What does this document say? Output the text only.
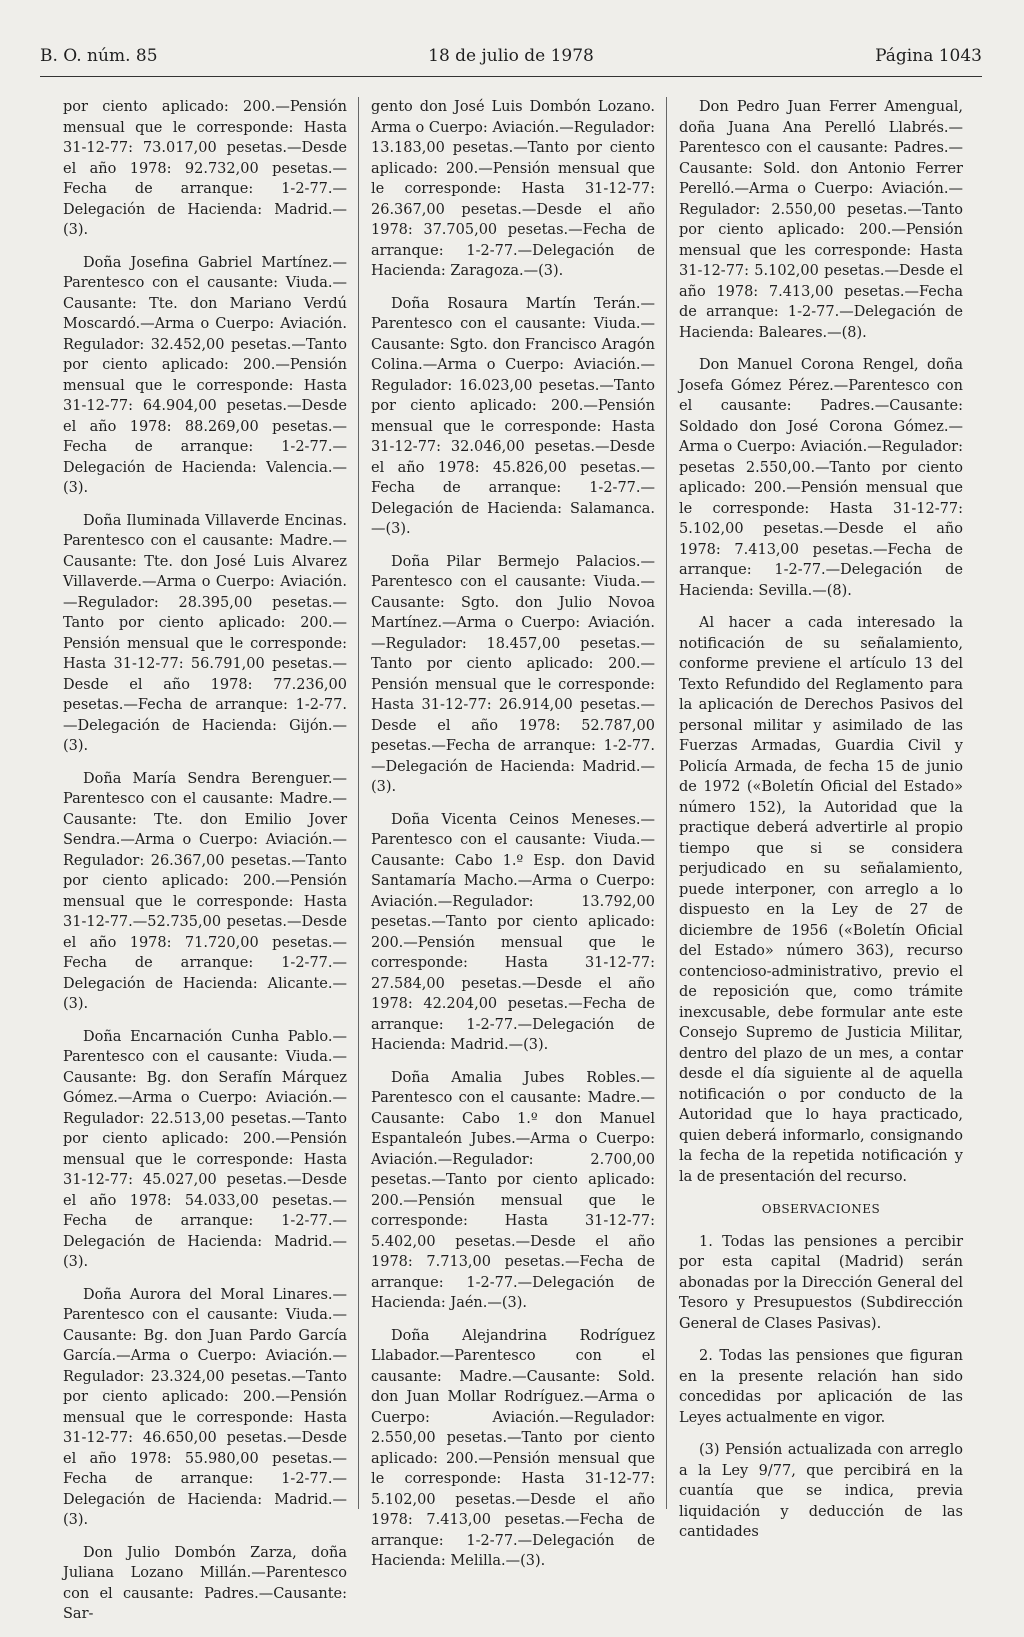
B. O. núm. 85	18 de julio de 1978	Página 1043

por ciento aplicado: 200.—Pensión mensual que le corresponde: Hasta 31-12-77: 73.017,00 pesetas.—Desde el año 1978: 92.732,00 pesetas.—Fecha de arranque: 1-2-77.—Delegación de Hacienda: Madrid.—(3).

Doña Josefina Gabriel Martínez.—Parentesco con el causante: Viuda.—Causante: Tte. don Mariano Verdú Moscardó.—Arma o Cuerpo: Aviación. Regulador: 32.452,00 pesetas.—Tanto por ciento aplicado: 200.—Pensión mensual que le corresponde: Hasta 31-12-77: 64.904,00 pesetas.—Desde el año 1978: 88.269,00 pesetas.—Fecha de arranque: 1-2-77.—Delegación de Hacienda: Valencia.—(3).

Doña Iluminada Villaverde Encinas. Parentesco con el causante: Madre.—Causante: Tte. don José Luis Alvarez Villaverde.—Arma o Cuerpo: Aviación.—Regulador: 28.395,00 pesetas.—Tanto por ciento aplicado: 200.—Pensión mensual que le corresponde: Hasta 31-12-77: 56.791,00 pesetas.—Desde el año 1978: 77.236,00 pesetas.—Fecha de arranque: 1-2-77.—Delegación de Hacienda: Gijón.—(3).

Doña María Sendra Berenguer.—Parentesco con el causante: Madre.—Causante: Tte. don Emilio Jover Sendra.—Arma o Cuerpo: Aviación.—Regulador: 26.367,00 pesetas.—Tanto por ciento aplicado: 200.—Pensión mensual que le corresponde: Hasta 31-12-77.—52.735,00 pesetas.—Desde el año 1978: 71.720,00 pesetas.—Fecha de arranque: 1-2-77.—Delegación de Hacienda: Alicante.—(3).

Doña Encarnación Cunha Pablo.—Parentesco con el causante: Viuda.—Causante: Bg. don Serafín Márquez Gómez.—Arma o Cuerpo: Aviación.—Regulador: 22.513,00 pesetas.—Tanto por ciento aplicado: 200.—Pensión mensual que le corresponde: Hasta 31-12-77: 45.027,00 pesetas.—Desde el año 1978: 54.033,00 pesetas.—Fecha de arranque: 1-2-77.—Delegación de Hacienda: Madrid.—(3).

Doña Aurora del Moral Linares.—Parentesco con el causante: Viuda.—Causante: Bg. don Juan Pardo García García.—Arma o Cuerpo: Aviación.—Regulador: 23.324,00 pesetas.—Tanto por ciento aplicado: 200.—Pensión mensual que le corresponde: Hasta 31-12-77: 46.650,00 pesetas.—Desde el año 1978: 55.980,00 pesetas.—Fecha de arranque: 1-2-77.—Delegación de Hacienda: Madrid.—(3).

Don Julio Dombón Zarza, doña Juliana Lozano Millán.—Parentesco con el causante: Padres.—Causante: Sar-

gento don José Luis Dombón Lozano. Arma o Cuerpo: Aviación.—Regulador: 13.183,00 pesetas.—Tanto por ciento aplicado: 200.—Pensión mensual que le corresponde: Hasta 31-12-77: 26.367,00 pesetas.—Desde el año 1978: 37.705,00 pesetas.—Fecha de arranque: 1-2-77.—Delegación de Hacienda: Zaragoza.—(3).

Doña Rosaura Martín Terán.—Parentesco con el causante: Viuda.—Causante: Sgto. don Francisco Aragón Colina.—Arma o Cuerpo: Aviación.—Regulador: 16.023,00 pesetas.—Tanto por ciento aplicado: 200.—Pensión mensual que le corresponde: Hasta 31-12-77: 32.046,00 pesetas.—Desde el año 1978: 45.826,00 pesetas.—Fecha de arranque: 1-2-77.—Delegación de Hacienda: Salamanca.—(3).

Doña Pilar Bermejo Palacios.—Parentesco con el causante: Viuda.—Causante: Sgto. don Julio Novoa Martínez.—Arma o Cuerpo: Aviación.—Regulador: 18.457,00 pesetas.—Tanto por ciento aplicado: 200.—Pensión mensual que le corresponde: Hasta 31-12-77: 26.914,00 pesetas.—Desde el año 1978: 52.787,00 pesetas.—Fecha de arranque: 1-2-77.—Delegación de Hacienda: Madrid.—(3).

Doña Vicenta Ceinos Meneses.—Parentesco con el causante: Viuda.—Causante: Cabo 1.º Esp. don David Santamaría Macho.—Arma o Cuerpo: Aviación.—Regulador: 13.792,00 pesetas.—Tanto por ciento aplicado: 200.—Pensión mensual que le corresponde: Hasta 31-12-77: 27.584,00 pesetas.—Desde el año 1978: 42.204,00 pesetas.—Fecha de arranque: 1-2-77.—Delegación de Hacienda: Madrid.—(3).

Doña Amalia Jubes Robles.—Parentesco con el causante: Madre.—Causante: Cabo 1.º don Manuel Espantaleón Jubes.—Arma o Cuerpo: Aviación.—Regulador: 2.700,00 pesetas.—Tanto por ciento aplicado: 200.—Pensión mensual que le corresponde: Hasta 31-12-77: 5.402,00 pesetas.—Desde el año 1978: 7.713,00 pesetas.—Fecha de arranque: 1-2-77.—Delegación de Hacienda: Jaén.—(3).

Doña Alejandrina Rodríguez Llabador.—Parentesco con el causante: Madre.—Causante: Sold. don Juan Mollar Rodríguez.—Arma o Cuerpo: Aviación.—Regulador: 2.550,00 pesetas.—Tanto por ciento aplicado: 200.—Pensión mensual que le corresponde: Hasta 31-12-77: 5.102,00 pesetas.—Desde el año 1978: 7.413,00 pesetas.—Fecha de arranque: 1-2-77.—Delegación de Hacienda: Melilla.—(3).

Don Pedro Juan Ferrer Amengual, doña Juana Ana Perelló Llabrés.—Parentesco con el causante: Padres.—Causante: Sold. don Antonio Ferrer Perelló.—Arma o Cuerpo: Aviación.—Regulador: 2.550,00 pesetas.—Tanto por ciento aplicado: 200.—Pensión mensual que les corresponde: Hasta 31-12-77: 5.102,00 pesetas.—Desde el año 1978: 7.413,00 pesetas.—Fecha de arranque: 1-2-77.—Delegación de Hacienda: Baleares.—(8).

Don Manuel Corona Rengel, doña Josefa Gómez Pérez.—Parentesco con el causante: Padres.—Causante: Soldado don José Corona Gómez.—Arma o Cuerpo: Aviación.—Regulador: pesetas 2.550,00.—Tanto por ciento aplicado: 200.—Pensión mensual que le corresponde: Hasta 31-12-77: 5.102,00 pesetas.—Desde el año 1978: 7.413,00 pesetas.—Fecha de arranque: 1-2-77.—Delegación de Hacienda: Sevilla.—(8).

Al hacer a cada interesado la notificación de su señalamiento, conforme previene el artículo 13 del Texto Refundido del Reglamento para la aplicación de Derechos Pasivos del personal militar y asimilado de las Fuerzas Armadas, Guardia Civil y Policía Armada, de fecha 15 de junio de 1972 («Boletín Oficial del Estado» número 152), la Autoridad que la practique deberá advertirle al propio tiempo que si se considera perjudicado en su señalamiento, puede interponer, con arreglo a lo dispuesto en la Ley de 27 de diciembre de 1956 («Boletín Oficial del Estado» número 363), recurso contencioso-administrativo, previo el de reposición que, como trámite inexcusable, debe formular ante este Consejo Supremo de Justicia Militar, dentro del plazo de un mes, a contar desde el día siguiente al de aquella notificación o por conducto de la Autoridad que lo haya practicado, quien deberá informarlo, consignando la fecha de la repetida notificación y la de presentación del recurso.

OBSERVACIONES

1. Todas las pensiones a percibir por esta capital (Madrid) serán abonadas por la Dirección General del Tesoro y Presupuestos (Subdirección General de Clases Pasivas).

2. Todas las pensiones que figuran en la presente relación han sido concedidas por aplicación de las Leyes actualmente en vigor.

(3) Pensión actualizada con arreglo a la Ley 9/77, que percibirá en la cuantía que se indica, previa liquidación y deducción de las cantidades
